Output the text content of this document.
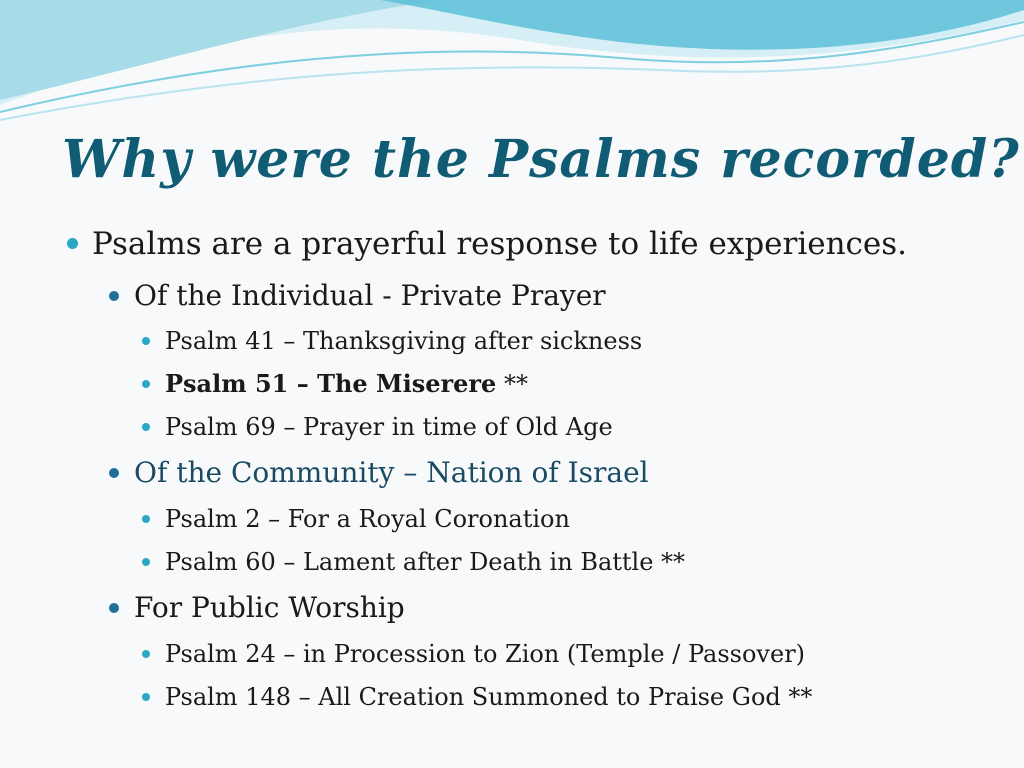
Why were the Psalms recorded?

Psalms are a prayerful response to life experiences.

Of the Individual - Private Prayer

Psalm 41 – Thanksgiving after sickness

Psalm 51 – The Miserere **

Psalm 69 – Prayer in time of Old Age

Of the Community – Nation of Israel

Psalm 2 – For a Royal Coronation

Psalm 60 – Lament after Death in Battle **

For Public Worship

Psalm 24 – in Procession to Zion (Temple / Passover)

Psalm 148 – All Creation Summoned to Praise God **
